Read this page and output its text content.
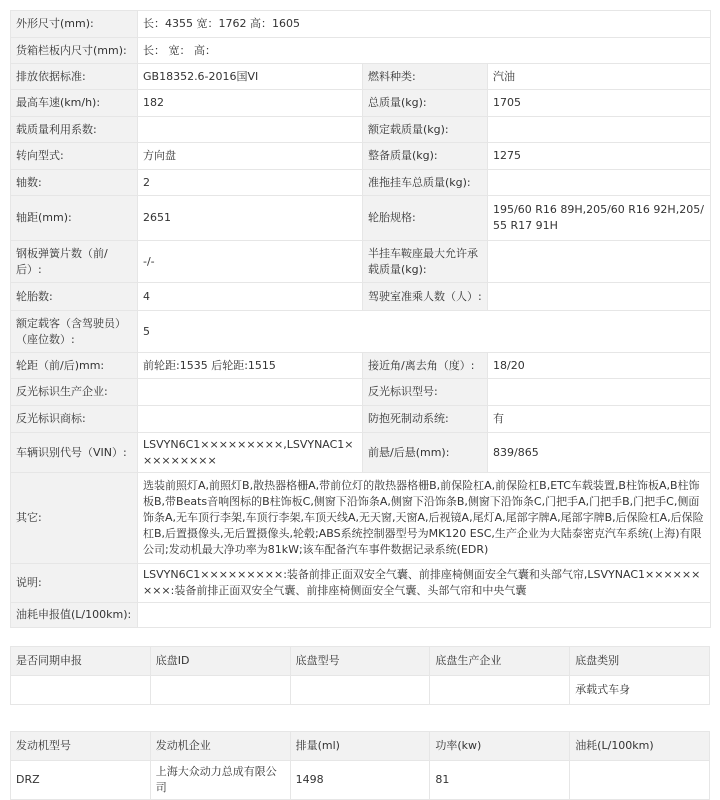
外形尺寸(mm):	长：4355 宽：1762 高：1605		
货箱栏板内尺寸(mm):	长： 宽： 高：		
排放依据标准:	GB18352.6-2016国VI	燃料种类:	汽油
最高车速(km/h):	182	总质量(kg):	1705
载质量利用系数:		额定载质量(kg):	
转向型式:	方向盘	整备质量(kg):	1275
轴数:	2	准拖挂车总质量(kg):	
轴距(mm):	2651	轮胎规格:	195/60 R16 89H,205/60 R16 92H,205/55 R17 91H
钢板弹簧片数（前/后）:	-/-	半挂车鞍座最大允许承载质量(kg):	
轮胎数:	4	驾驶室准乘人数（人）:	
额定载客（含驾驶员）（座位数）:	5		
轮距（前/后)mm:	前轮距:1535 后轮距:1515	接近角/离去角（度）:	18/20
反光标识生产企业:		反光标识型号:	
反光标识商标:		防抱死制动系统:	有
车辆识别代号（VIN）:	LSVYN6C1×××××××××,LSVYNAC1×××××××××	前悬/后悬(mm):	839/865
其它:	选装前照灯A,前照灯B,散热器格栅A,带前位灯的散热器格栅B,前保险杠A,前保险杠B,ETC车载装置,B柱饰板A,B柱饰板B,带Beats音响图标的B柱饰板C,侧窗下沿饰条A,侧窗下沿饰条B,侧窗下沿饰条C,门把手A,门把手B,门把手C,侧面饰条A,无车顶行李架,车顶行李架,车顶天线A,无天窗,天窗A,后视镜A,尾灯A,尾部字牌A,尾部字牌B,后保险杠A,后保险杠B,后置摄像头,无后置摄像头,轮毂;ABS系统控制器型号为MK120 ESC,生产企业为大陆泰密克汽车系统(上海)有限公司;发动机最大净功率为81kW;该车配备汽车事件数据记录系统(EDR)		
说明:	LSVYN6C1×××××××××:装备前排正面双安全气囊、前排座椅侧面安全气囊和头部气帘,LSVYNAC1×××××××××:装备前排正面双安全气囊、前排座椅侧面安全气囊、头部气帘和中央气囊		
油耗申报值(L/100km):			
是否同期申报	底盘ID	底盘型号	底盘生产企业	底盘类别
				承载式车身
发动机型号	发动机企业	排量(ml)	功率(kw)	油耗(L/100km)
DRZ	上海大众动力总成有限公司	1498	81	
